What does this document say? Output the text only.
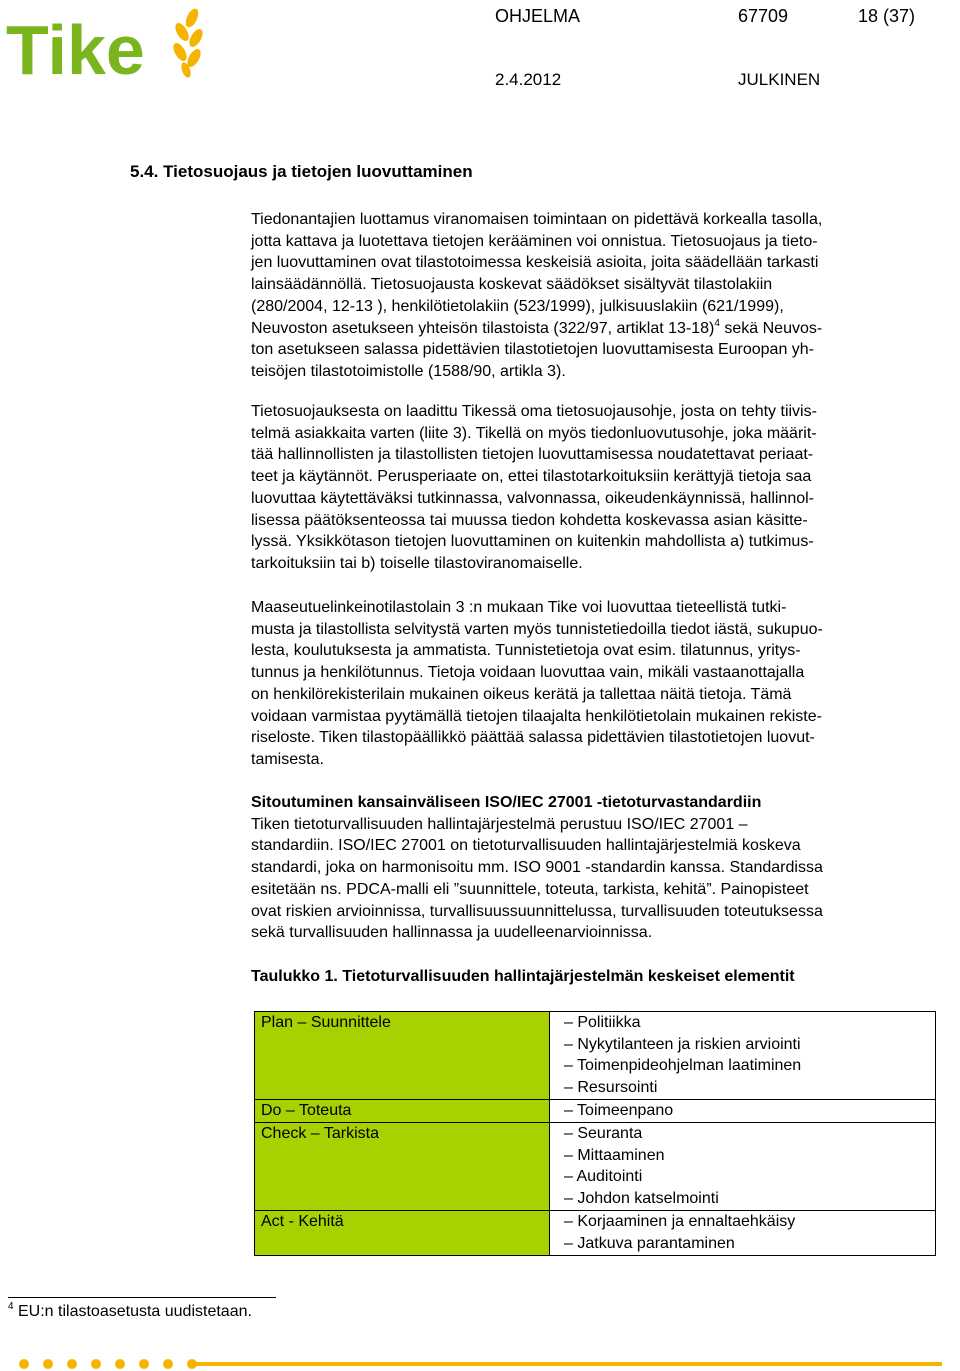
Tike	OHJELMA	67709	18 (37)
2.4.2012	JULKINEN
5.4. Tietosuojaus ja tietojen luovuttaminen

Tiedonantajien luottamus viranomaisen toimintaan on pidettävä korkealla tasolla,
jotta kattava ja luotettava tietojen kerääminen voi onnistua. Tietosuojaus ja tieto-
jen luovuttaminen ovat tilastotoimessa keskeisiä asioita, joita säädellään tarkasti
lainsäädännöllä. Tietosuojausta koskevat säädökset sisältyvät tilastolakiin
(280/2004, 12-13 ), henkilötietolakiin (523/1999), julkisuuslakiin (621/1999),
Neuvoston asetukseen yhteisön tilastoista (322/97, artiklat 13-18)$^4$ sekä Neuvos-
ton asetukseen salassa pidettävien tilastotietojen luovuttamisesta Euroopan yh-
teisöjen tilastotoimistolle (1588/90, artikla 3).

Tietosuojauksesta on laadittu Tikessä oma tietosuojausohje, josta on tehty tiivis-
telmä asiakkaita varten (liite 3). Tikellä on myös tiedonluovutusohje, joka määrit-
tää hallinnollisten ja tilastollisten tietojen luovuttamisessa noudatettavat periaat-
teet ja käytännöt. Perusperiaate on, ettei tilastotarkoituksiin kerättyjä tietoja saa
luovuttaa käytettäväksi tutkinnassa, valvonnassa, oikeudenkäynnissä, hallinnol-
lisessa päätöksenteossa tai muussa tiedon kohdetta koskevassa asian käsitte-
lyssä. Yksikkötason tietojen luovuttaminen on kuitenkin mahdollista a) tutkimus-
tarkoituksiin tai b) toiselle tilastoviranomaiselle.

Maaseutuelinkeinotilastolain 3 :n mukaan Tike voi luovuttaa tieteellistä tutki-
musta ja tilastollista selvitystä varten myös tunnistetiedoilla tiedot iästä, sukupuo-
lesta, koulutuksesta ja ammatista. Tunnistetietoja ovat esim. tilatunnus, yritys-
tunnus ja henkilötunnus. Tietoja voidaan luovuttaa vain, mikäli vastaanottajalla
on henkilörekisterilain mukainen oikeus kerätä ja tallettaa näitä tietoja. Tämä
voidaan varmistaa pyytämällä tietojen tilaajalta henkilötietolain mukainen rekiste-
riseloste. Tiken tilastopäällikkö päättää salassa pidettävien tilastotietojen luovut-
tamisesta.

Sitoutuminen kansainväliseen ISO/IEC 27001 -tietoturvastandardiin
Tiken tietoturvallisuuden hallintajärjestelmä perustuu ISO/IEC 27001 –
standardiin. ISO/IEC 27001 on tietoturvallisuuden hallintajärjestelmiä koskeva
standardi, joka on harmonisoitu mm. ISO 9001 -standardin kanssa. Standardissa
esitetään ns. PDCA-malli eli ”suunnittele, toteuta, tarkista, kehitä”. Painopisteet
ovat riskien arvioinnissa, turvallisuussuunnittelussa, turvallisuuden toteutuksessa
sekä turvallisuuden hallinnassa ja uudelleenarvioinnissa.

Taulukko 1. Tietoturvallisuuden hallintajärjestelmän keskeiset elementit

Plan – Suunnittele	– Politiikka
– Nykytilanteen ja riskien arviointi
– Toimenpideohjelman laatiminen
– Resursointi

Do – Toteuta	– Toimeenpano

Check – Tarkista	– Seuranta
– Mittaaminen
– Auditointi
– Johdon katselmointi

Act - Kehitä	– Korjaaminen ja ennaltaehkäisy
– Jatkuva parantaminen
$^4$ EU:n tilastoasetusta uudistetaan.
